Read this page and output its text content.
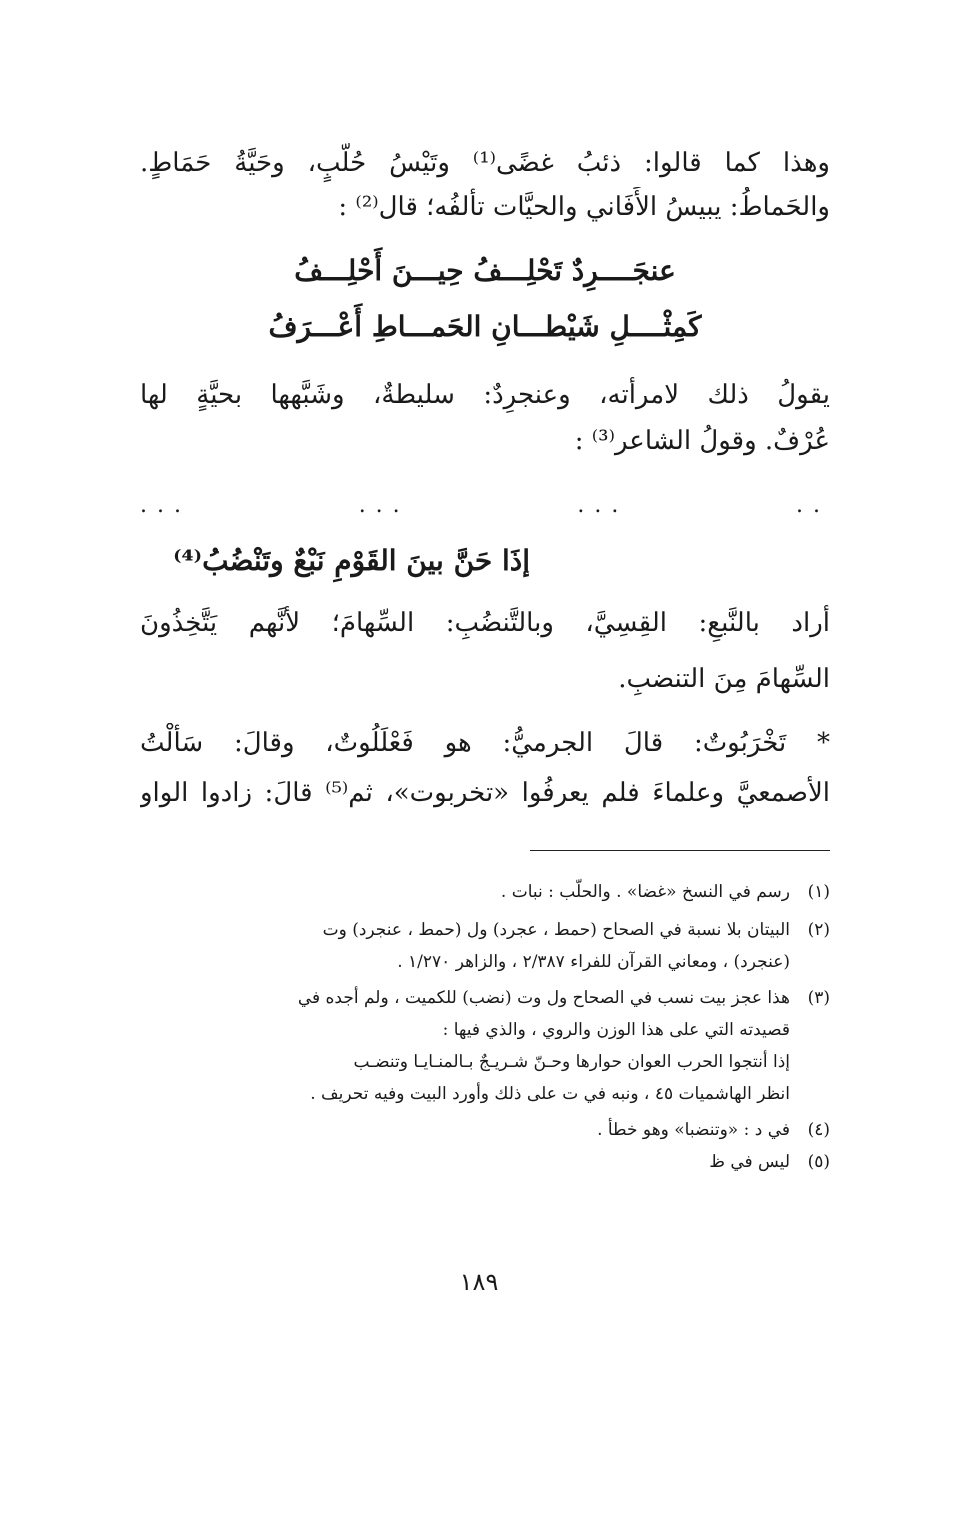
وهذا كما قالوا: ذئبُ غضًى⁽¹⁾ وتَيْسُ حُلَّبٍ، وحَيَّةُ حَمَاطٍ.
والحَماطُ: يبيسُ الأَفَاني والحيَّات تألفُه؛ قال⁽²⁾ :
عنجَــــرِدٌ تَحْلِـــفُ حِيـــنَ أَحْلِـــفُ
كَمِثْــــلِ شَيْطـــانِ الحَمـــاطِ أَعْـــرَفُ
يقولُ ذلك لامرأته، وعنجرِدٌ: سليطةٌ، وشَبَّهها بحيَّةٍ لها
عُرْفٌ. وقولُ الشاعر⁽³⁾ :
...	...	...	..
إذَا حَنَّ بينَ القَوْمِ نَبْعٌ وتَنْضُبُ⁽⁴⁾
أراد بالنَّبعِ: القِسِيَّ، وبالتَّنضُبِ: السِّهامَ؛ لأنَّهم يَتَّخِذُونَ
السِّهامَ مِنَ التنضبِ.
* تَخْرَبُوتٌ: قالَ الجرميُّ: هو فَعْلَلُوتٌ، وقالَ: سَأَلْتُ
الأصمعيَّ وعلماءَ فلم يعرفُوا «تخربوت»، ثم⁽⁵⁾ قالَ: زادوا الواو
(١)رسم في النسخ «غضا» . والحلّب : نبات .
(٢)البيتان بلا نسبة في الصحاح (حمط ، عجرد) ول (حمط ، عنجرد) وت
(عنجرد) ، ومعاني القرآن للفراء ٢/٣٨٧ ، والزاهر ١/٢٧٠ .
(٣)هذا عجز بيت نسب في الصحاح ول وت (نضب) للكميت ، ولم أجده في
قصيدته التي على هذا الوزن والروي ، والذي فيها :
إذا أنتجوا الحرب العوان حوارها وحـنّ شـريـجٌ بـالمنـايـا وتنضـب
انظر الهاشميات ٤٥ ، ونبه في ت على ذلك وأورد البيت وفيه تحريف .
(٤)في د : «وتنضبا» وهو خطأ .
(٥)ليس في ظ
١٨٩
